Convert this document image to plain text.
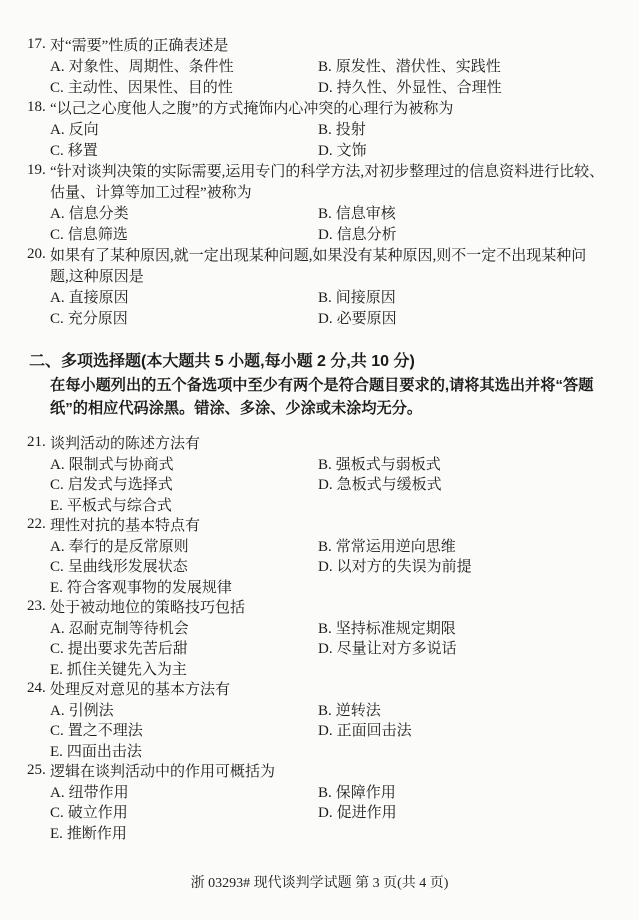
17. 对“需要”性质的正确表述是
A. 对象性、周期性、条件性	B. 原发性、潜伏性、实践性
C. 主动性、因果性、目的性	D. 持久性、外显性、合理性
18. “以己之心度他人之腹”的方式掩饰内心冲突的心理行为被称为
A. 反向	B. 投射
C. 移置	D. 文饰
19. “针对谈判决策的实际需要,运用专门的科学方法,对初步整理过的信息资料进行比较、
估量、计算等加工过程”被称为
A. 信息分类	B. 信息审核
C. 信息筛选	D. 信息分析
20. 如果有了某种原因,就一定出现某种问题,如果没有某种原因,则不一定不出现某种问
题,这种原因是
A. 直接原因	B. 间接原因
C. 充分原因	D. 必要原因
二、多项选择题(本大题共 5 小题,每小题 2 分,共 10 分)
在每小题列出的五个备选项中至少有两个是符合题目要求的,请将其选出并将“答题
纸”的相应代码涂黑。错涂、多涂、少涂或未涂均无分。
21. 谈判活动的陈述方法有
A. 限制式与协商式	B. 强板式与弱板式
C. 启发式与选择式	D. 急板式与缓板式
E. 平板式与综合式
22. 理性对抗的基本特点有
A. 奉行的是反常原则	B. 常常运用逆向思维
C. 呈曲线形发展状态	D. 以对方的失误为前提
E. 符合客观事物的发展规律
23. 处于被动地位的策略技巧包括
A. 忍耐克制等待机会	B. 坚持标准规定期限
C. 提出要求先苦后甜	D. 尽量让对方多说话
E. 抓住关键先入为主
24. 处理反对意见的基本方法有
A. 引例法	B. 逆转法
C. 置之不理法	D. 正面回击法
E. 四面出击法
25. 逻辑在谈判活动中的作用可概括为
A. 纽带作用	B. 保障作用
C. 破立作用	D. 促进作用
E. 推断作用
浙 03293# 现代谈判学试题 第 3 页(共 4 页)
